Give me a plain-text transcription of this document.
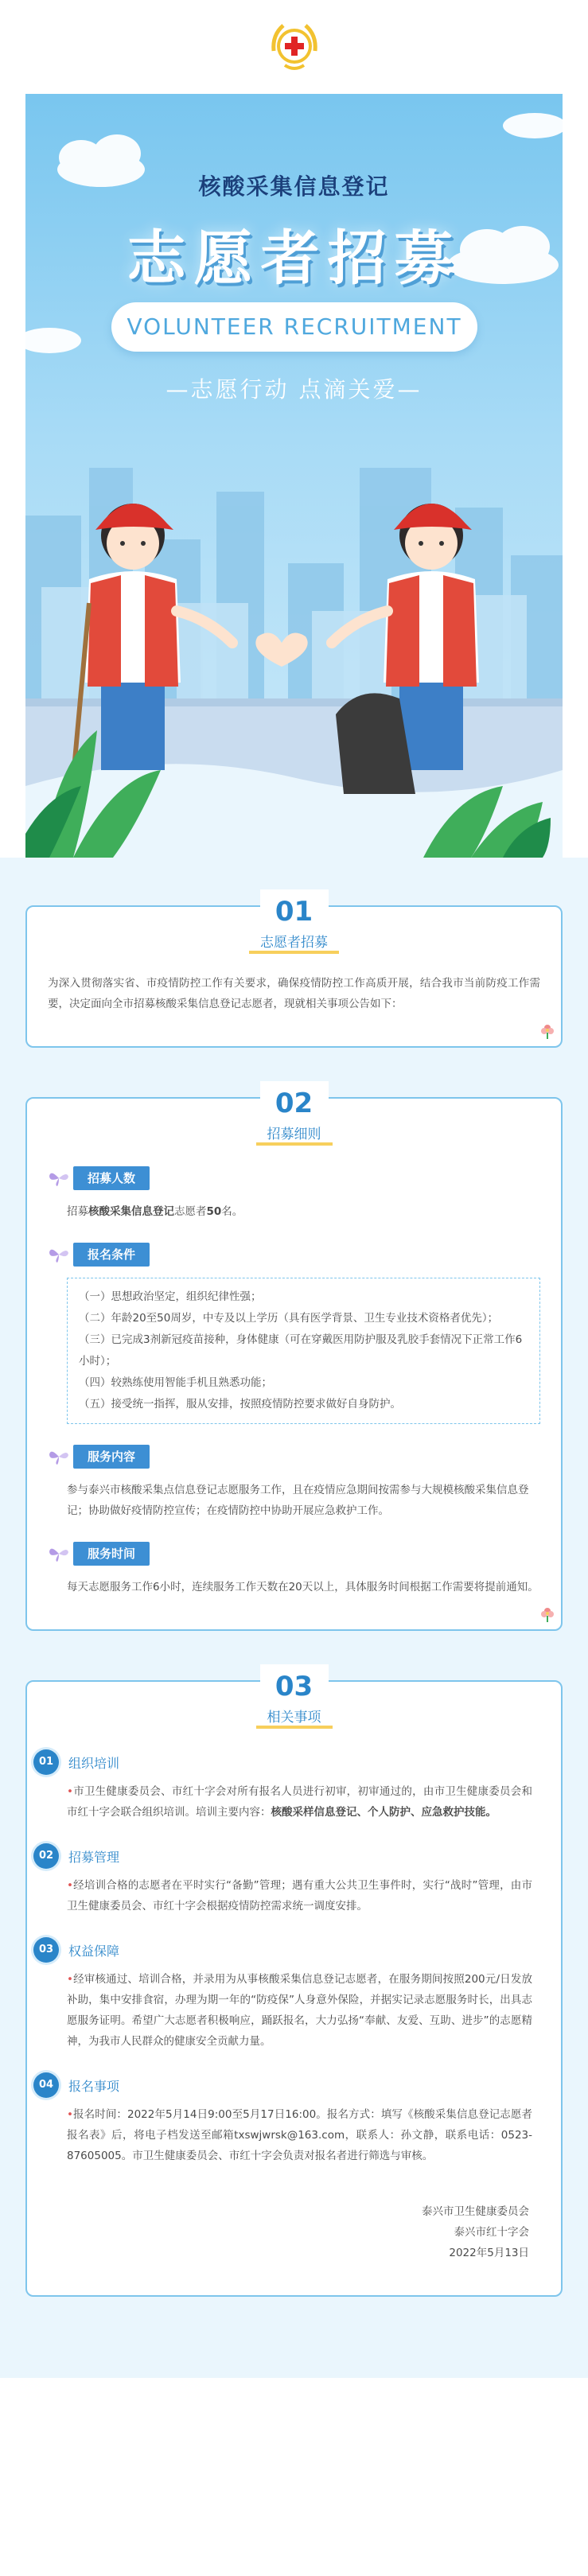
核酸采集信息登记
志愿者招募
VOLUNTEER RECRUITMENT
—志愿行动 点滴关爱—
01
志愿者招募

为深入贯彻落实省、市疫情防控工作有关要求，确保疫情防控工作高质开展，结合我市当前防疫工作需要，决定面向全市招募核酸采集信息登记志愿者，现就相关事项公告如下：

02
招募细则
招募人数

招募核酸采集信息登记志愿者50名。

报名条件

（一）思想政治坚定，组织纪律性强；

（二）年龄20至50周岁，中专及以上学历（具有医学背景、卫生专业技术资格者优先）；

（三）已完成3剂新冠疫苗接种，身体健康（可在穿戴医用防护服及乳胶手套情况下正常工作6小时）；

（四）较熟练使用智能手机且熟悉功能；

（五）接受统一指挥，服从安排，按照疫情防控要求做好自身防护。

服务内容

参与泰兴市核酸采集点信息登记志愿服务工作，且在疫情应急期间按需参与大规模核酸采集信息登记；协助做好疫情防控宣传；在疫情防控中协助开展应急救护工作。

服务时间

每天志愿服务工作6小时，连续服务工作天数在20天以上，具体服务时间根据工作需要将提前通知。

03
相关事项
01	组织培训

•市卫生健康委员会、市红十字会对所有报名人员进行初审，初审通过的，由市卫生健康委员会和市红十字会联合组织培训。培训主要内容：核酸采样信息登记、个人防护、应急救护技能。

02	招募管理

•经培训合格的志愿者在平时实行“备勤”管理；遇有重大公共卫生事件时，实行“战时”管理，由市卫生健康委员会、市红十字会根据疫情防控需求统一调度安排。

03	权益保障

•经审核通过、培训合格，并录用为从事核酸采集信息登记志愿者，在服务期间按照200元/日发放补助，集中安排食宿，办理为期一年的“防疫保”人身意外保险，并据实记录志愿服务时长，出具志愿服务证明。希望广大志愿者积极响应，踊跃报名，大力弘扬“奉献、友爱、互助、进步”的志愿精神，为我市人民群众的健康安全贡献力量。

04	报名事项

•报名时间：2022年5月14日9:00至5月17日16:00。报名方式：填写《核酸采集信息登记志愿者报名表》后，将电子档发送至邮箱txswjwrsk@163.com，联系人：孙文静，联系电话：0523-87605005。市卫生健康委员会、市红十字会负责对报名者进行筛选与审核。

泰兴市卫生健康委员会

泰兴市红十字会

2022年5月13日
